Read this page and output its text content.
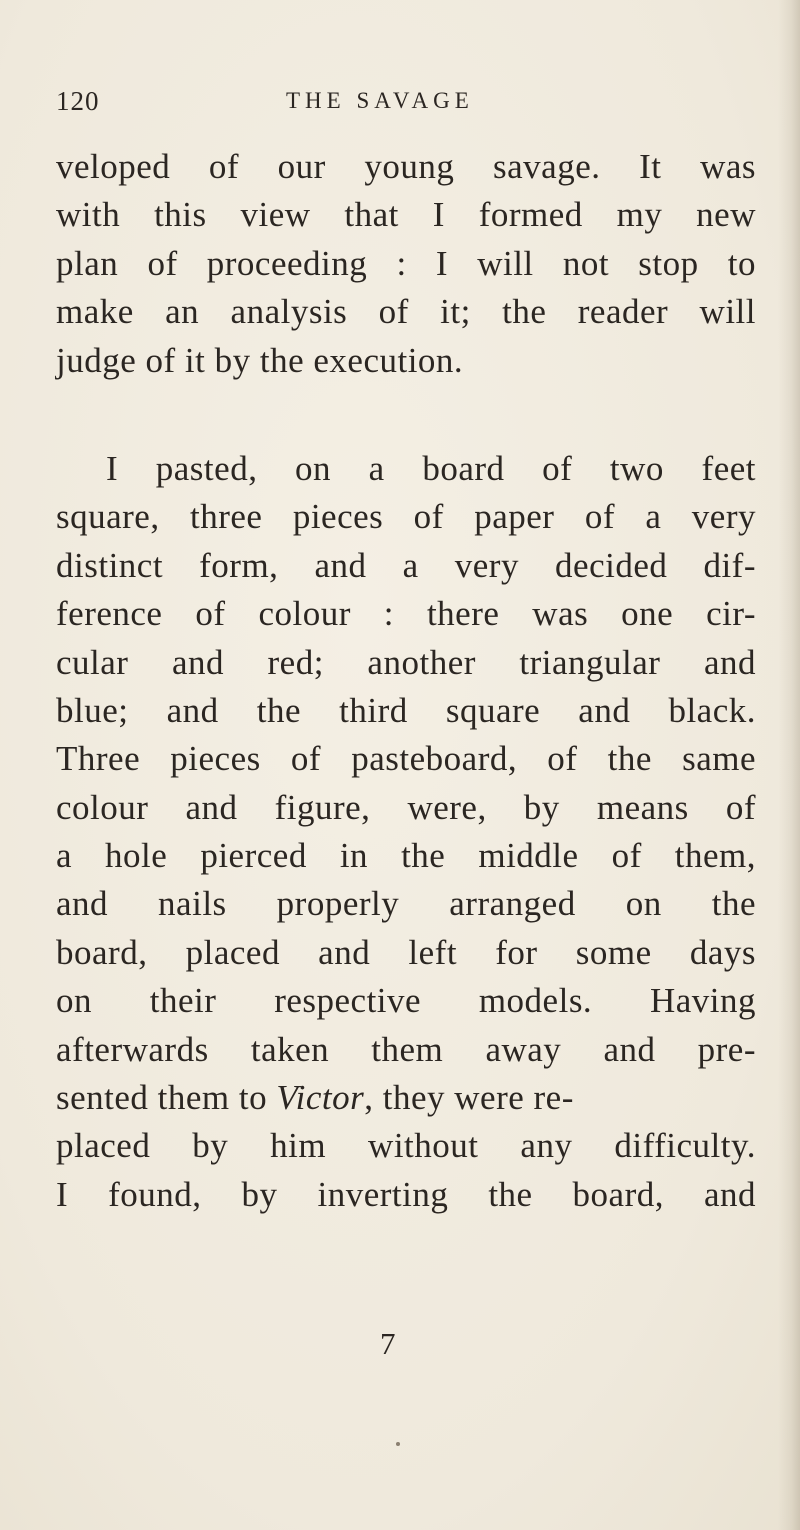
120	THE SAVAGE
veloped of our young savage. It was
with this view that I formed my new
plan of proceeding : I will not stop to
make an analysis of it; the reader will
judge of it by the execution.
I pasted, on a board of two feet
square, three pieces of paper of a very
distinct form, and a very decided dif-
ference of colour : there was one cir-
cular and red; another triangular and
blue; and the third square and black.
Three pieces of pasteboard, of the same
colour and figure, were, by means of
a hole pierced in the middle of them,
and nails properly arranged on the
board, placed and left for some days
on their respective models. Having
afterwards taken them away and pre-
sented them to Victor, they were re-
placed by him without any difficulty.
I found, by inverting the board, and
7
